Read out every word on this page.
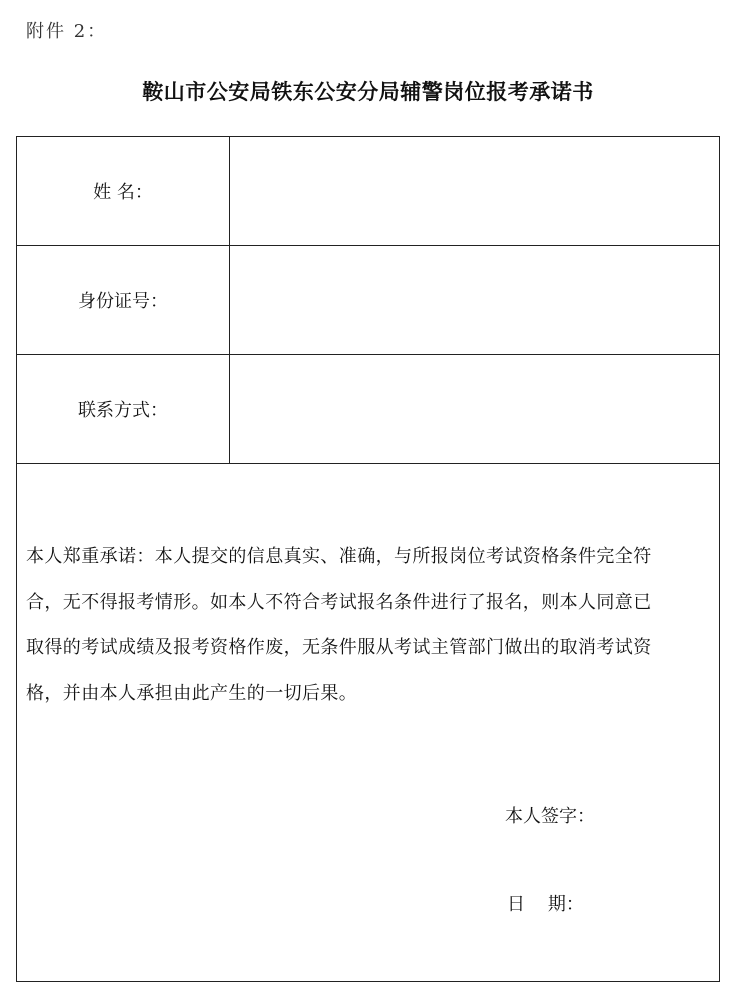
附件 2：
鞍山市公安局铁东公安分局辅警岗位报考承诺书
姓 名：
身份证号：
联系方式：
本人郑重承诺：本人提交的信息真实、准确，与所报岗位考试资格条件完全符
合，无不得报考情形。如本人不符合考试报名条件进行了报名，则本人同意已
取得的考试成绩及报考资格作废，无条件服从考试主管部门做出的取消考试资
格，并由本人承担由此产生的一切后果。
本人签字：
日    期：
